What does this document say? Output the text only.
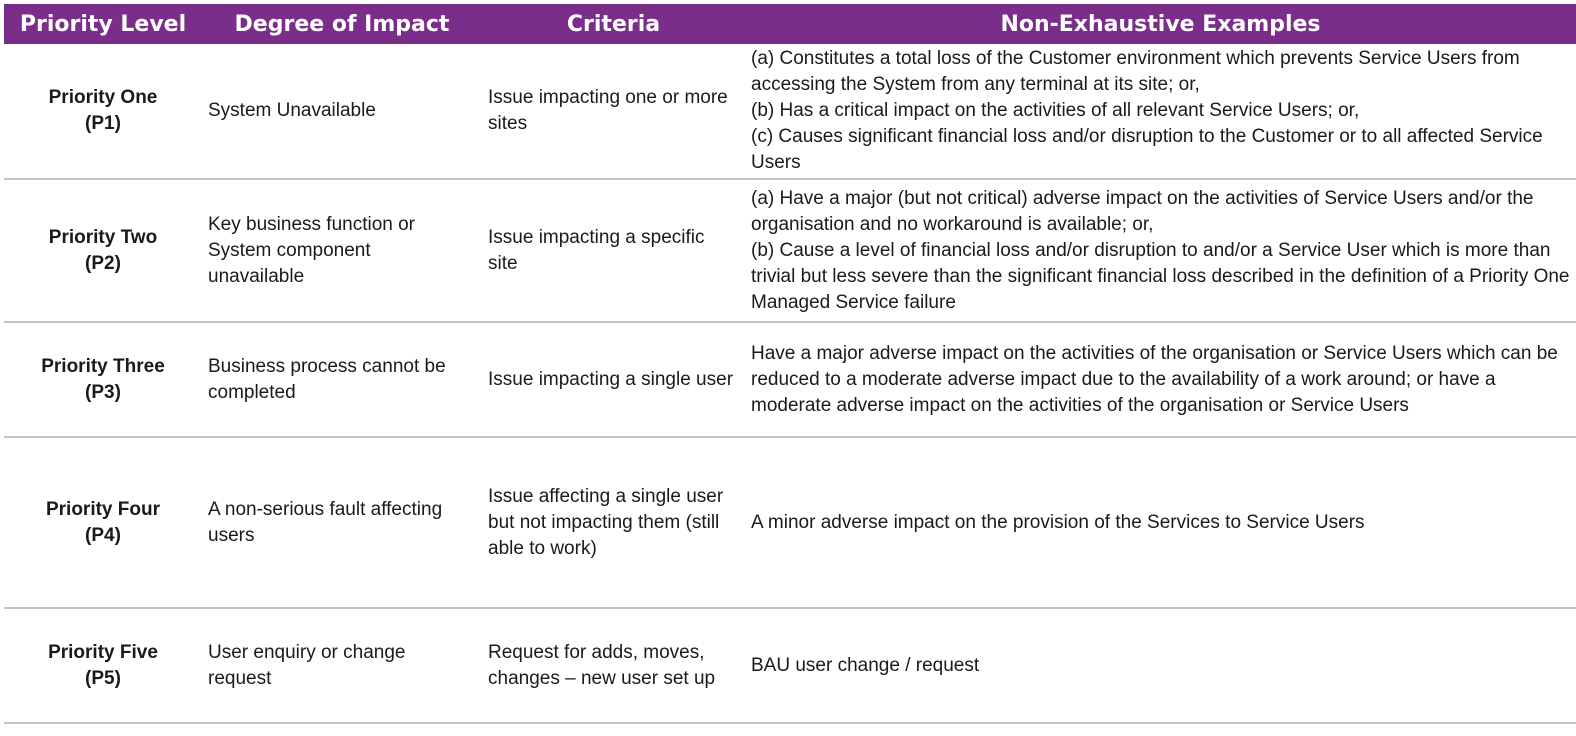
Priority Level	Degree of Impact	Criteria	Non-Exhaustive Examples

Priority One
(P1)	System Unavailable	Issue impacting one or more sites	(a) Constitutes a total loss of the Customer environment which prevents Service Users from accessing the System from any terminal at its site; or,
(b) Has a critical impact on the activities of all relevant Service Users; or,
(c) Causes significant financial loss and/or disruption to the Customer or to all affected Service Users

Priority Two
(P2)	Key business function or System component unavailable	Issue impacting a specific site	(a) Have a major (but not critical) adverse impact on the activities of Service Users and/or the organisation and no workaround is available; or,
(b) Cause a level of financial loss and/or disruption to and/or a Service User which is more than trivial but less severe than the significant financial loss described in the definition of a Priority One Managed Service failure

Priority Three
(P3)	Business process cannot be completed	Issue impacting a single user	Have a major adverse impact on the activities of the organisation or Service Users which can be reduced to a moderate adverse impact due to the availability of a work around; or have a moderate adverse impact on the activities of the organisation or Service Users

Priority Four
(P4)	A non-serious fault affecting users	Issue affecting a single user but not impacting them (still able to work)	A minor adverse impact on the provision of the Services to Service Users

Priority Five
(P5)	User enquiry or change request	Request for adds, moves, changes – new user set up	BAU user change / request
